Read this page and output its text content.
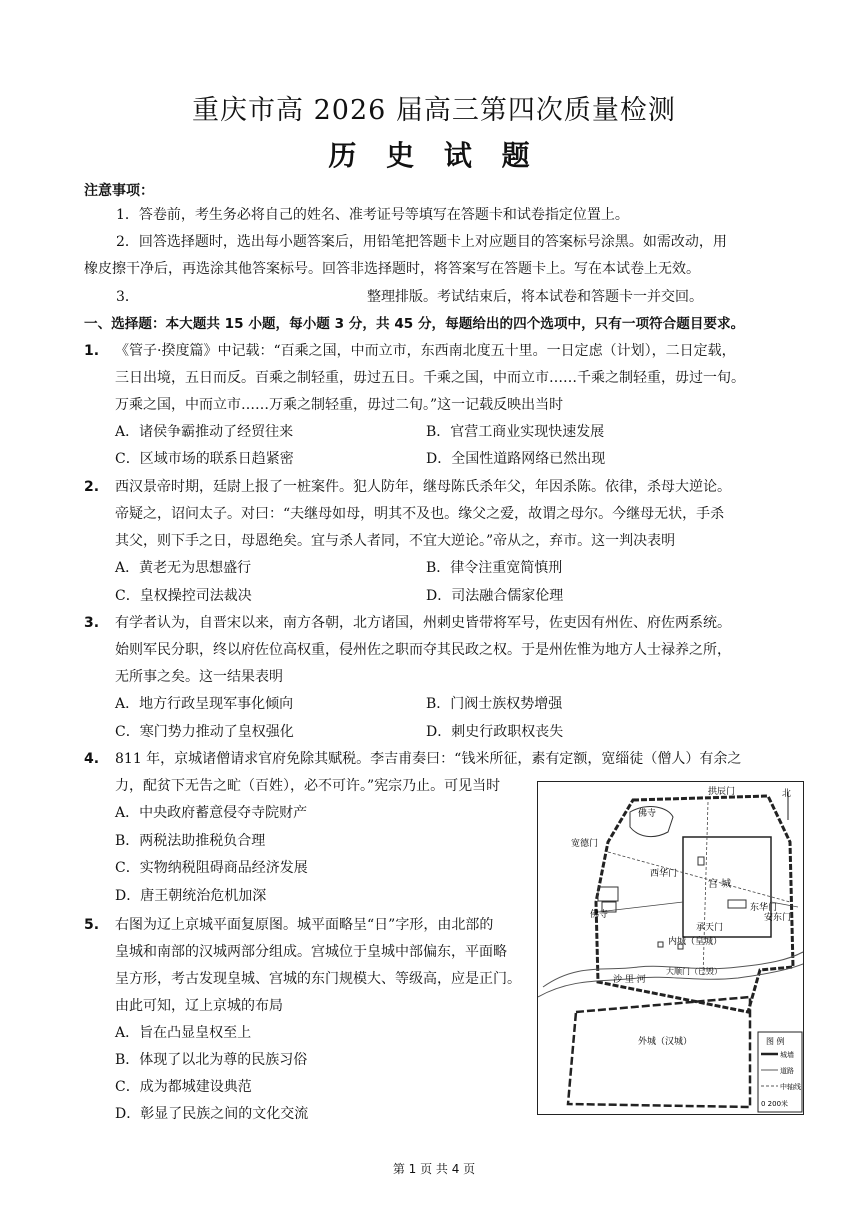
重庆市高 2026 届高三第四次质量检测
历 史 试 题
注意事项：
1．答卷前，考生务必将自己的姓名、准考证号等填写在答题卡和试卷指定位置上。
2．回答选择题时，选出每小题答案后，用铅笔把答题卡上对应题目的答案标号涂黑。如需改动，用
橡皮擦干净后，再选涂其他答案标号。回答非选择题时，将答案写在答题卡上。写在本试卷上无效。
3．	整理排版。考试结束后，将本试卷和答题卡一并交回。
一、选择题：本大题共 15 小题，每小题 3 分，共 45 分，每题给出的四个选项中，只有一项符合题目要求。
1. 《管子·揆度篇》中记载：“百乘之国，中而立市，东西南北度五十里。一日定虑（计划），二日定载，
三日出境，五日而反。百乘之制轻重，毋过五日。千乘之国，中而立市……千乘之制轻重，毋过一旬。
万乘之国，中而立市……万乘之制轻重，毋过二旬。”这一记载反映出当时
A．诸侯争霸推动了经贸往来	B．官营工商业实现快速发展
C．区域市场的联系日趋紧密	D．全国性道路网络已然出现
2. 西汉景帝时期，廷尉上报了一桩案件。犯人防年，继母陈氏杀年父，年因杀陈。依律，杀母大逆论。
帝疑之，诏问太子。对曰：“夫继母如母，明其不及也。缘父之爱，故谓之母尔。今继母无状，手杀
其父，则下手之日，母恩绝矣。宜与杀人者同，不宜大逆论。”帝从之，弃市。这一判决表明
A．黄老无为思想盛行	B．律令注重宽简慎刑
C．皇权操控司法裁决	D．司法融合儒家伦理
3. 有学者认为，自晋宋以来，南方各朝，北方诸国，州刺史皆带将军号，佐吏因有州佐、府佐两系统。
始则军民分职，终以府佐位高权重，侵州佐之职而夺其民政之权。于是州佐惟为地方人士禄养之所，
无所事之矣。这一结果表明
A．地方行政呈现军事化倾向	B．门阀士族权势增强
C．寒门势力推动了皇权强化	D．刺史行政职权丧失
4. 811 年，京城诸僧请求官府免除其赋税。李吉甫奏曰：“钱米所征，素有定额，宽缁徒（僧人）有余之
力，配贫下无告之甿（百姓），必不可许。”宪宗乃止。可见当时
A．中央政府蓄意侵夺寺院财产
B．两税法助推税负合理
C．实物纳税阻碍商品经济发展
D．唐王朝统治危机加深
5. 右图为辽上京城平面复原图。城平面略呈“日”字形，由北部的
皇城和南部的汉城两部分组成。宫城位于皇城中部偏东，平面略
呈方形，考古发现皇城、宫城的东门规模大、等级高，应是正门。
由此可知，辽上京城的布局
A．旨在凸显皇权至上
B．体现了以北为尊的民族习俗
C．成为都城建设典范
D．彰显了民族之间的文化交流
北
拱辰门
佛寺
宽德门
西华门
宫 城
东华门
安东门
佛寺
承天门
内城（皇城）
沙 里 河
大顺门（已毁）
外城（汉城）	图 例
城墙
道路
中轴线
0 200米
第 1 页 共 4 页
